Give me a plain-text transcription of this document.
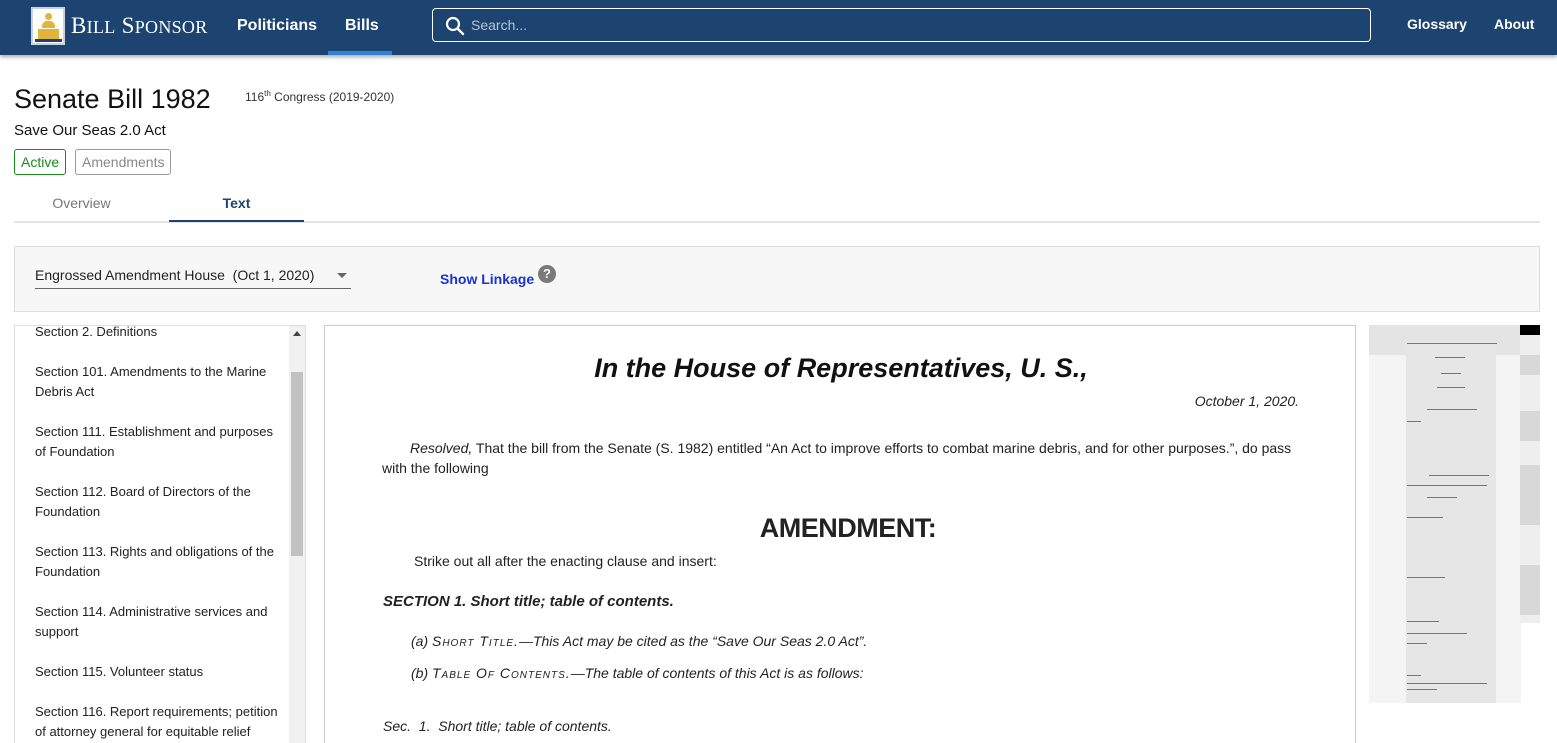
BILL SPONSOR Politicians Bills
Search...	Glossary About
Senate Bill 1982	116th Congress (2019-2020)
Save Our Seas 2.0 Act
Active	Amendments
Overview	Text
Engrossed Amendment House  (Oct 1, 2020)	Show Linkage ?
Section 2. Definitions
Section 101. Amendments to the Marine Debris Act
Section 111. Establishment and purposes of Foundation
Section 112. Board of Directors of the Foundation
Section 113. Rights and obligations of the Foundation
Section 114. Administrative services and support
Section 115. Volunteer status
Section 116. Report requirements; petition of attorney general for equitable relief
In the House of Representatives, U. S.,
October 1, 2020.
Resolved, That the bill from the Senate (S. 1982) entitled “An Act to improve efforts to combat marine debris, and for other purposes.”, do pass with the following
AMENDMENT:
Strike out all after the enacting clause and insert:
SECTION 1. Short title; table of contents.
(a) Short Title.—This Act may be cited as the “Save Our Seas 2.0 Act”.
(b) Table Of Contents.—The table of contents of this Act is as follows:
Sec.  1.  Short title; table of contents.
